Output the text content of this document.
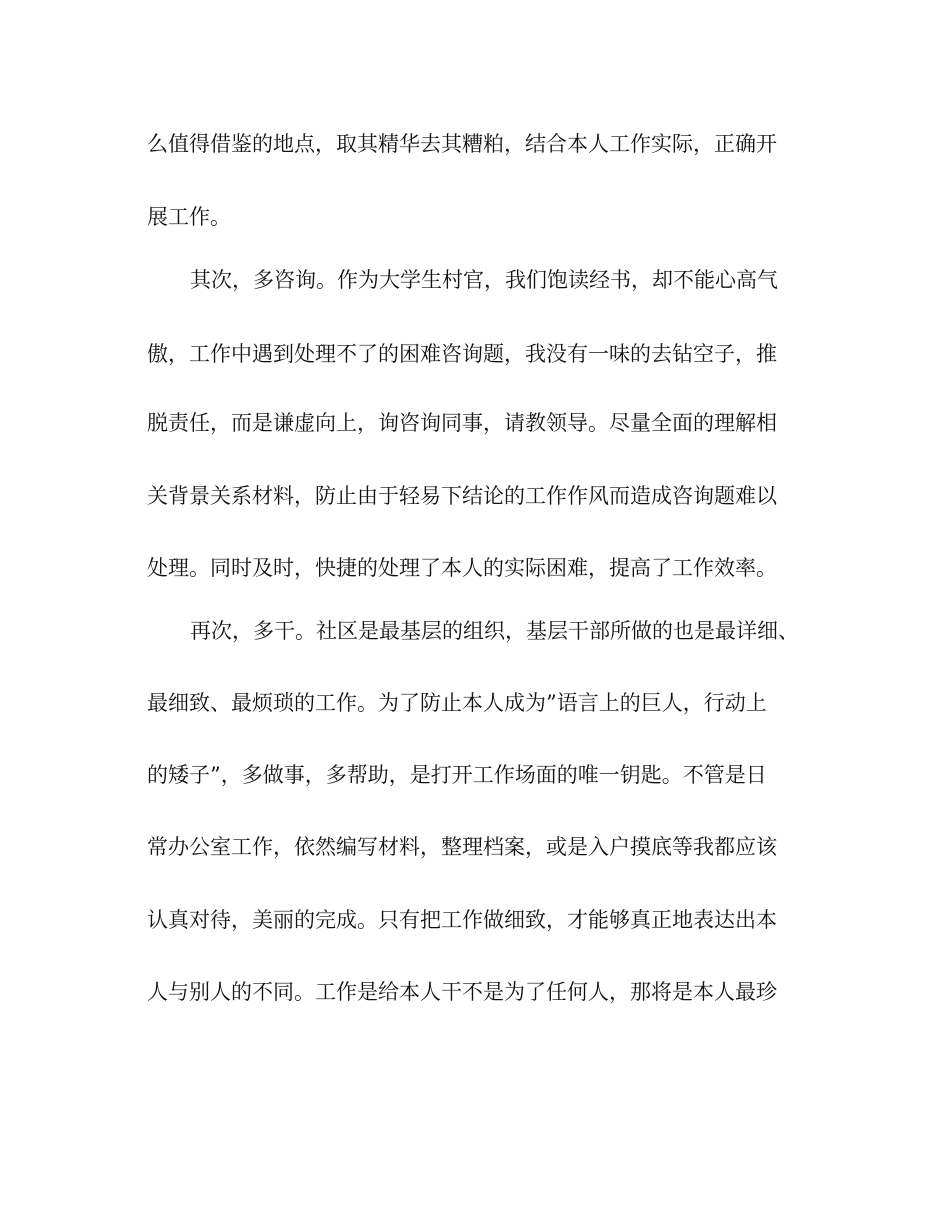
么值得借鉴的地点，取其精华去其糟粕，结合本人工作实际，正确开
展工作。
其次，多咨询。作为大学生村官，我们饱读经书，却不能心高气
傲，工作中遇到处理不了的困难咨询题，我没有一味的去钻空子，推
脱责任，而是谦虚向上，询咨询同事，请教领导。尽量全面的理解相
关背景关系材料，防止由于轻易下结论的工作作风而造成咨询题难以
处理。同时及时，快捷的处理了本人的实际困难，提高了工作效率。
再次，多干。社区是最基层的组织，基层干部所做的也是最详细、
最细致、最烦琐的工作。为了防止本人成为”语言上的巨人，行动上
的矮子”，多做事，多帮助，是打开工作场面的唯一钥匙。不管是日
常办公室工作，依然编写材料，整理档案，或是入户摸底等我都应该
认真对待，美丽的完成。只有把工作做细致，才能够真正地表达出本
人与别人的不同。工作是给本人干不是为了任何人，那将是本人最珍
